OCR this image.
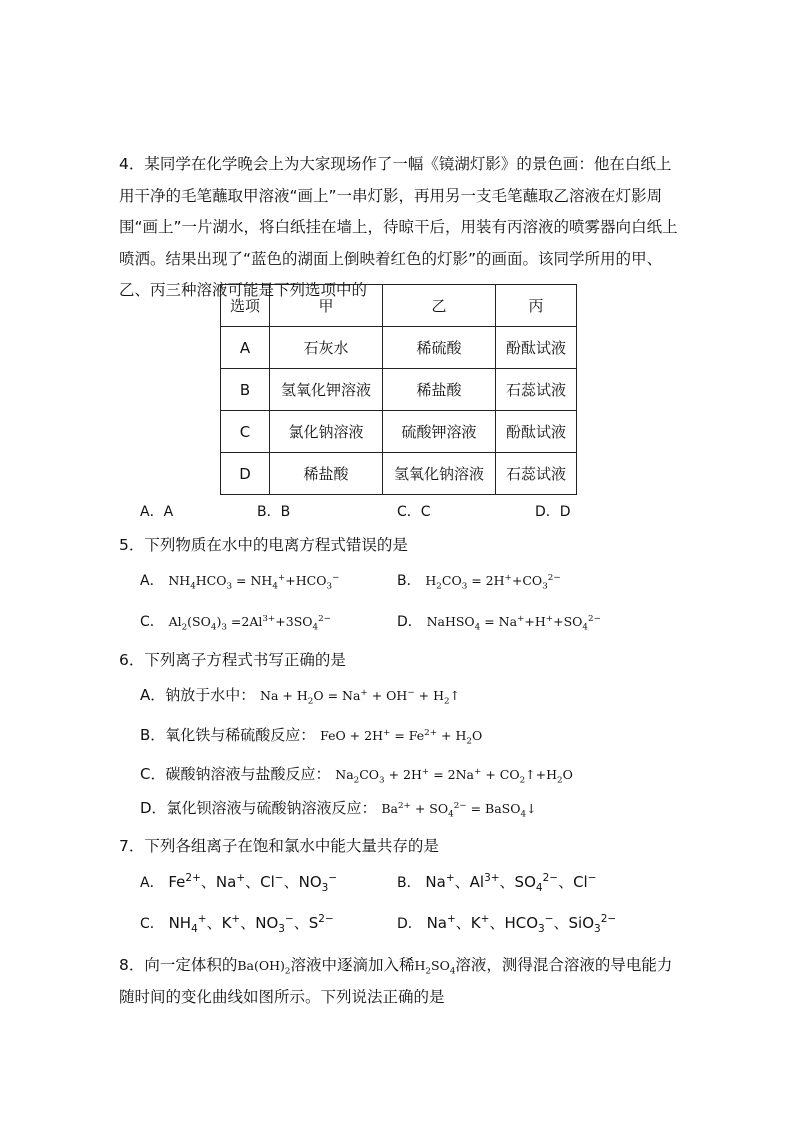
4．某同学在化学晚会上为大家现场作了一幅《镜湖灯影》的景色画：他在白纸上用干净的毛笔蘸取甲溶液“画上”一串灯影，再用另一支毛笔蘸取乙溶液在灯影周围“画上”一片湖水，将白纸挂在墙上，待晾干后，用装有丙溶液的喷雾器向白纸上喷洒。结果出现了“蓝色的湖面上倒映着红色的灯影”的画面。该同学所用的甲、乙、丙三种溶液可能是下列选项中的

选项	甲	乙	丙
A	石灰水	稀硫酸	酚酞试液
B	氢氧化钾溶液	稀盐酸	石蕊试液
C	氯化钠溶液	硫酸钾溶液	酚酞试液
D	稀盐酸	氢氧化钠溶液	石蕊试液
A．A	B．B	C．C	D．D
5．下列物质在水中的电离方程式错误的是
A． $NH_4HCO_3 = NH_4^++HCO_3^-$	B． $H_2CO_3 = 2H^++CO_3^{2-}$
C． $Al_2(SO_4)_3 =2Al^{3+}+3SO_4^{2-}$	D． NaHSO$_4$ = $Na^++H^++SO_4^{2-}$
6．下列离子方程式书写正确的是
A．钠放于水中： $Na + H_2O = Na^+ + OH^-$ + $H_2↑$
B．氧化铁与稀硫酸反应： FeO + $2H^+ = Fe^{2+} + H_2O$
C．碳酸钠溶液与盐酸反应： $Na_2CO_3 + 2H^+ = 2Na^+$ + $CO_2↑+H_2O$
D．氯化钡溶液与硫酸钠溶液反应： $Ba^{2+} + SO_4^{2-}$ = BaSO$_4$↓
7．下列各组离子在饱和氯水中能大量共存的是
A． $Fe^{2+}$、Na+、Cl−、$NO_3^-$	B． Na+、$Al^{3+}$、$SO_4^{2-}$、Cl−
C． $NH_4^+$、K+、$NO_3^-$、$S^{2-}$	D． Na+、K+、$HCO_3^-$、SiO$_3^{2-}$

8．向一定体积的$Ba(OH)_2$溶液中逐滴加入稀$H_2SO_4$溶液，测得混合溶液的导电能力随时间的变化曲线如图所示。下列说法正确的是
